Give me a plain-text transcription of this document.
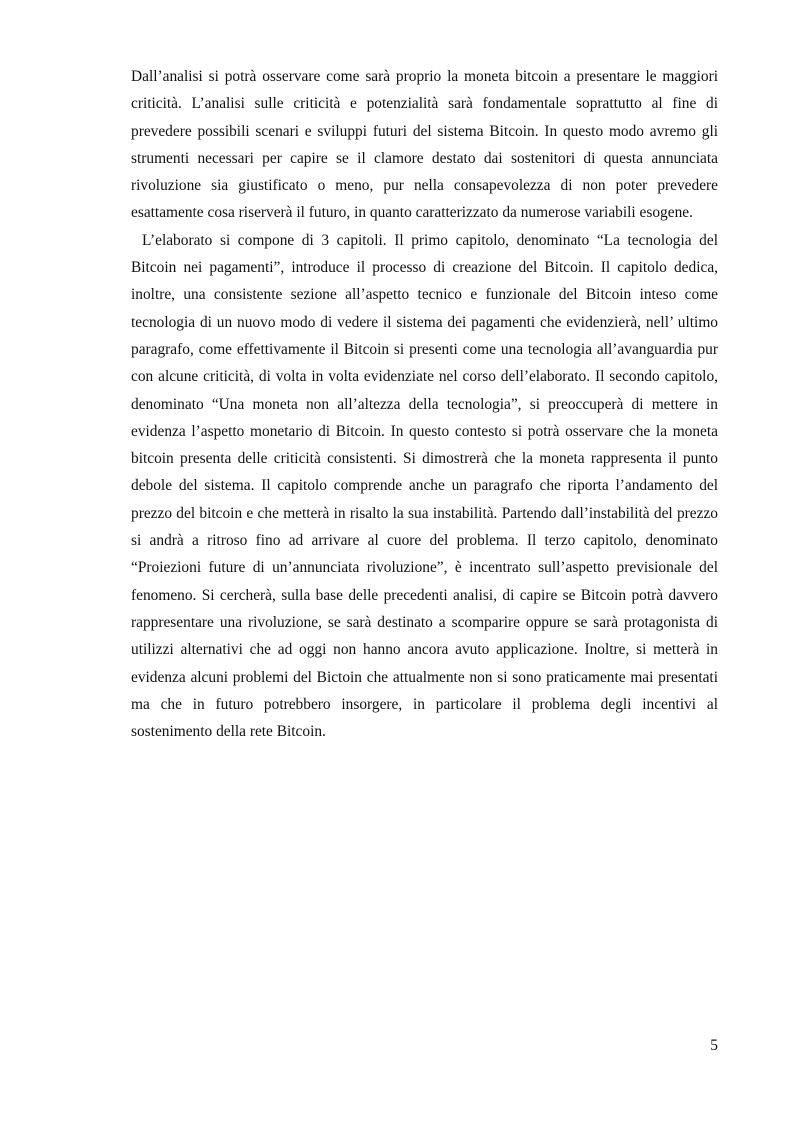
Dall’analisi si potrà osservare come sarà proprio la moneta bitcoin a presentare le maggiori criticità. L’analisi sulle criticità e potenzialità sarà fondamentale soprattutto al fine di prevedere possibili scenari e sviluppi futuri del sistema Bitcoin. In questo modo avremo gli strumenti necessari per capire se il clamore destato dai sostenitori di questa annunciata rivoluzione sia giustificato o meno, pur nella consapevolezza di non poter prevedere esattamente cosa riserverà il futuro, in quanto caratterizzato da numerose variabili esogene.

L’elaborato si compone di 3 capitoli. Il primo capitolo, denominato “La tecnologia del Bitcoin nei pagamenti”, introduce il processo di creazione del Bitcoin. Il capitolo dedica, inoltre, una consistente sezione all’aspetto tecnico e funzionale del Bitcoin inteso come tecnologia di un nuovo modo di vedere il sistema dei pagamenti che evidenzierà, nell’ ultimo paragrafo, come effettivamente il Bitcoin si presenti come una tecnologia all’avanguardia pur con alcune criticità, di volta in volta evidenziate nel corso dell’elaborato. Il secondo capitolo, denominato “Una moneta non all’altezza della tecnologia”, si preoccuperà di mettere in evidenza l’aspetto monetario di Bitcoin. In questo contesto si potrà osservare che la moneta bitcoin presenta delle criticità consistenti. Si dimostrerà che la moneta rappresenta il punto debole del sistema. Il capitolo comprende anche un paragrafo che riporta l’andamento del prezzo del bitcoin e che metterà in risalto la sua instabilità. Partendo dall’instabilità del prezzo si andrà a ritroso fino ad arrivare al cuore del problema. Il terzo capitolo, denominato “Proiezioni future di un’annunciata rivoluzione”, è incentrato sull’aspetto previsionale del fenomeno. Si cercherà, sulla base delle precedenti analisi, di capire se Bitcoin potrà davvero rappresentare una rivoluzione, se sarà destinato a scomparire oppure se sarà protagonista di utilizzi alternativi che ad oggi non hanno ancora avuto applicazione. Inoltre, si metterà in evidenza alcuni problemi del Bictoin che attualmente non si sono praticamente mai presentati ma che in futuro potrebbero insorgere, in particolare il problema degli incentivi al sostenimento della rete Bitcoin.

5
